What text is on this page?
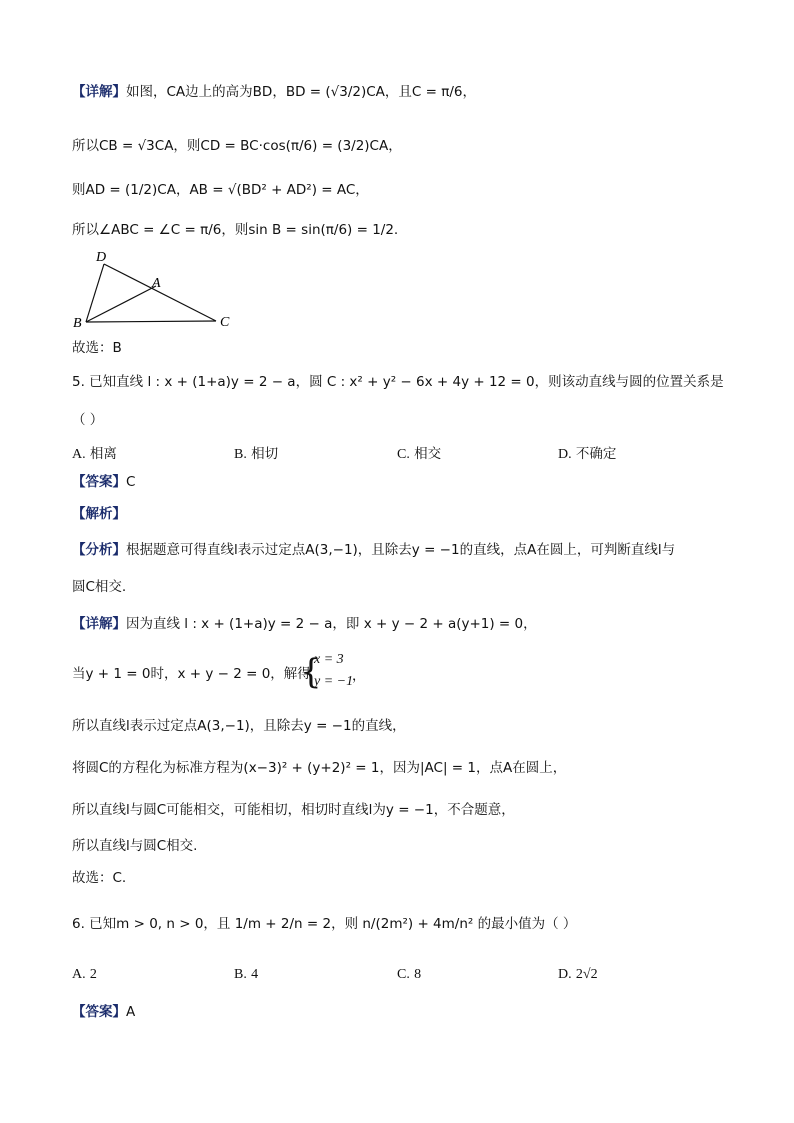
【详解】如图，CA边上的高为BD，BD = (√3/2)CA，且C = π/6，
所以CB = √3CA，则CD = BC·cos(π/6) = (3/2)CA，
则AD = (1/2)CA，AB = √(BD² + AD²) = AC，
所以∠ABC = ∠C = π/6，则sin B = sin(π/6) = 1/2.
D
A
B	C
故选：B
5. 已知直线 l : x + (1+a)y = 2 − a，圆 C : x² + y² − 6x + 4y + 12 = 0，则该动直线与圆的位置关系是
（ ）
A. 相离	B. 相切	C. 相交	D. 不确定
【答案】C
【解析】
【分析】根据题意可得直线l表示过定点A(3,−1)，且除去y = −1的直线，点A在圆上，可判断直线l与
圆C相交.
【详解】因为直线 l : x + (1+a)y = 2 − a，即 x + y − 2 + a(y+1) = 0，
当y + 1 = 0时，x + y − 2 = 0，解得
{
x = 3
y = −1
，
所以直线l表示过定点A(3,−1)，且除去y = −1的直线，
将圆C的方程化为标准方程为(x−3)² + (y+2)² = 1，因为|AC| = 1，点A在圆上，
所以直线l与圆C可能相交，可能相切，相切时直线l为y = −1，不合题意，
所以直线l与圆C相交.
故选：C.
6. 已知m > 0, n > 0，且 1/m + 2/n = 2，则 n/(2m²) + 4m/n² 的最小值为（ ）
A. 2	B. 4	C. 8	D. 2√2
【答案】A
